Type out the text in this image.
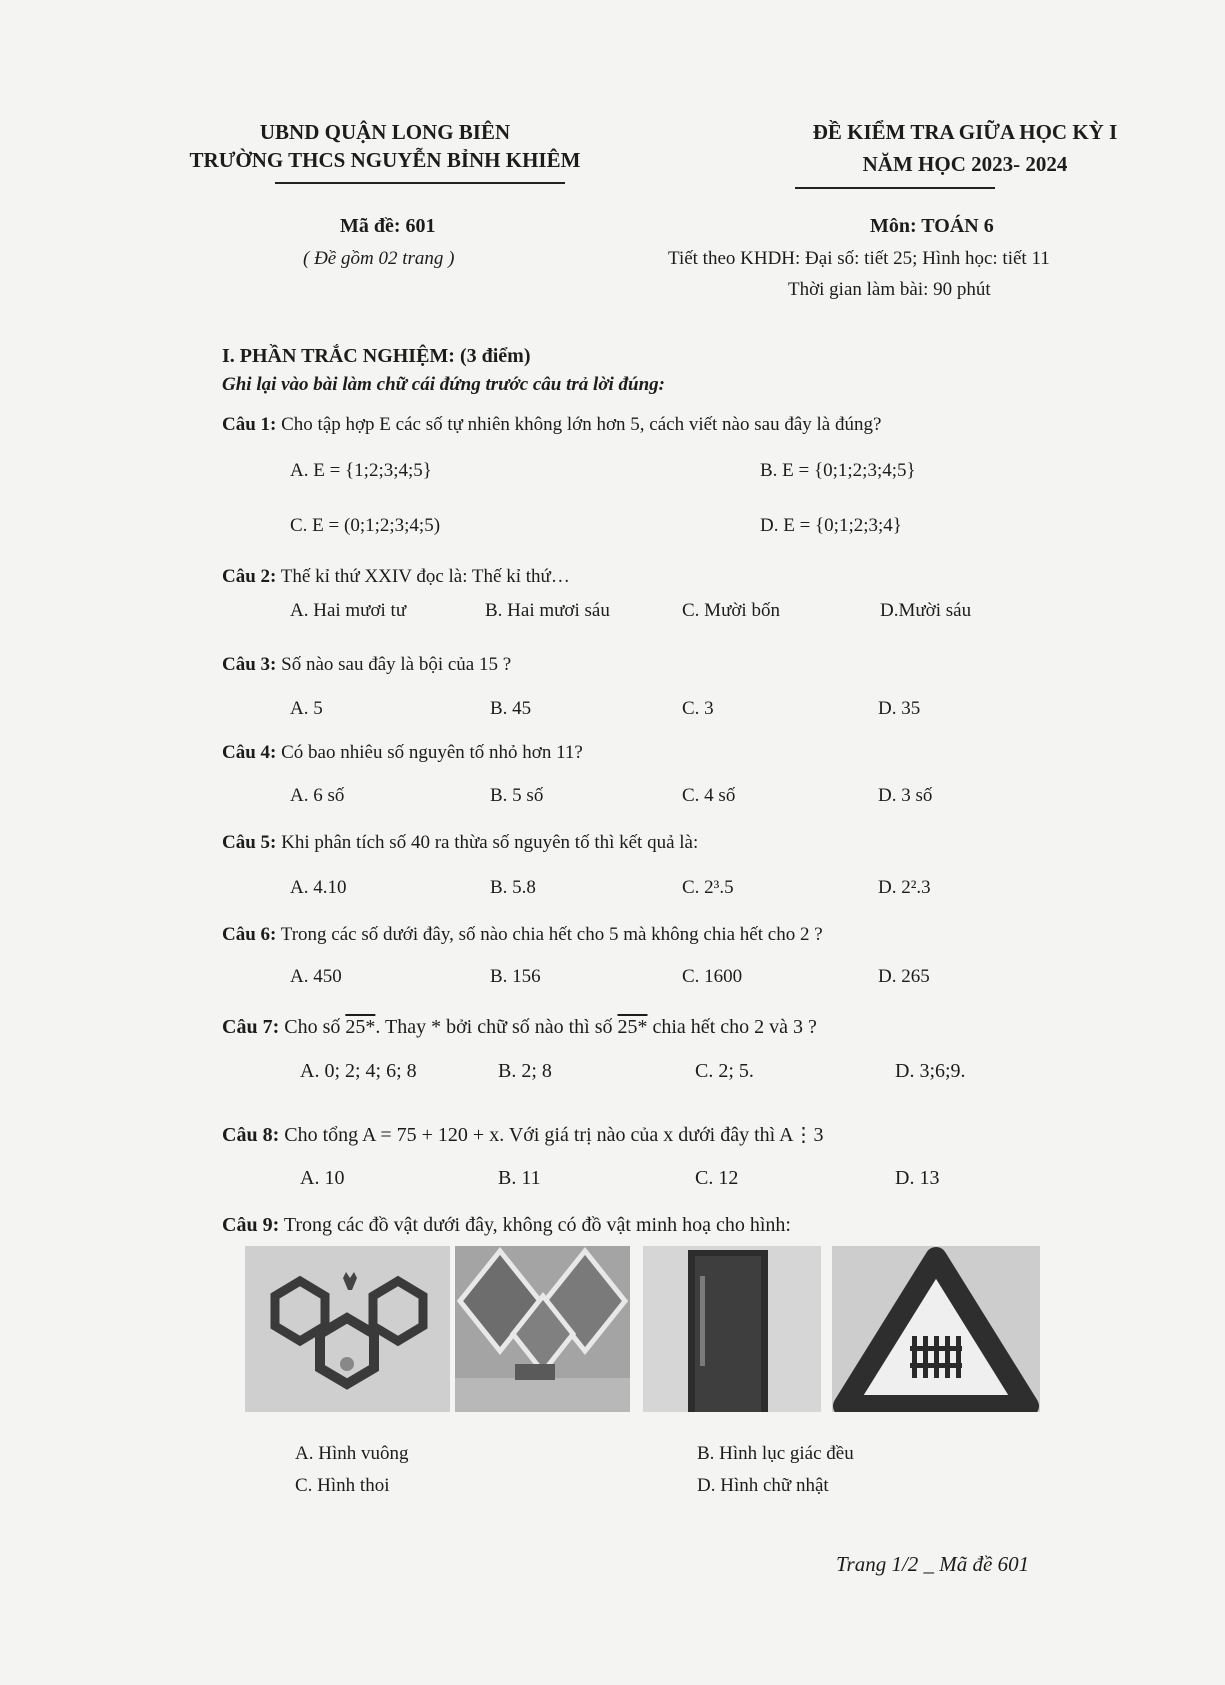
UBND QUẬN LONG BIÊN
TRƯỜNG THCS NGUYỄN BỈNH KHIÊM
ĐỀ KIỂM TRA GIỮA HỌC KỲ I
NĂM HỌC 2023- 2024
Mã đề: 601
( Đề gồm 02 trang )
Môn: TOÁN 6
Tiết theo KHDH: Đại số: tiết 25; Hình học: tiết 11
Thời gian làm bài: 90 phút
I. PHẦN TRẮC NGHIỆM: (3 điểm)
Ghi lại vào bài làm chữ cái đứng trước câu trả lời đúng:
Câu 1: Cho tập hợp E các số tự nhiên không lớn hơn 5, cách viết nào sau đây là đúng?
A. E = {1;2;3;4;5}	B. E = {0;1;2;3;4;5}
C. E = (0;1;2;3;4;5)	D. E = {0;1;2;3;4}
Câu 2: Thế kỉ thứ XXIV đọc là: Thế kỉ thứ…
A. Hai mươi tư	B. Hai mươi sáu	C. Mười bốn	D.Mười sáu
Câu 3: Số nào sau đây là bội của 15 ?
A. 5	B. 45	C. 3	D. 35
Câu 4: Có bao nhiêu số nguyên tố nhỏ hơn 11?
A. 6 số	B. 5 số	C. 4 số	D. 3 số
Câu 5: Khi phân tích số 40 ra thừa số nguyên tố thì kết quả là:
A. 4.10	B. 5.8	C. 2³.5	D. 2².3
Câu 6: Trong các số dưới đây, số nào chia hết cho 5 mà không chia hết cho 2 ?
A. 450	B. 156	C. 1600	D. 265
Câu 7: Cho số 25*. Thay * bởi chữ số nào thì số 25* chia hết cho 2 và 3 ?
A. 0; 2; 4; 6; 8	B. 2; 8	C. 2; 5.	D. 3;6;9.
Câu 8: Cho tổng A = 75 + 120 + x. Với giá trị nào của x dưới đây thì A⋮3
A. 10	B. 11	C. 12	D. 13
Câu 9: Trong các đồ vật dưới đây, không có đồ vật minh hoạ cho hình:
A. Hình vuông	B. Hình lục giác đều
C. Hình thoi	D. Hình chữ nhật
Trang 1/2 _ Mã đề 601
